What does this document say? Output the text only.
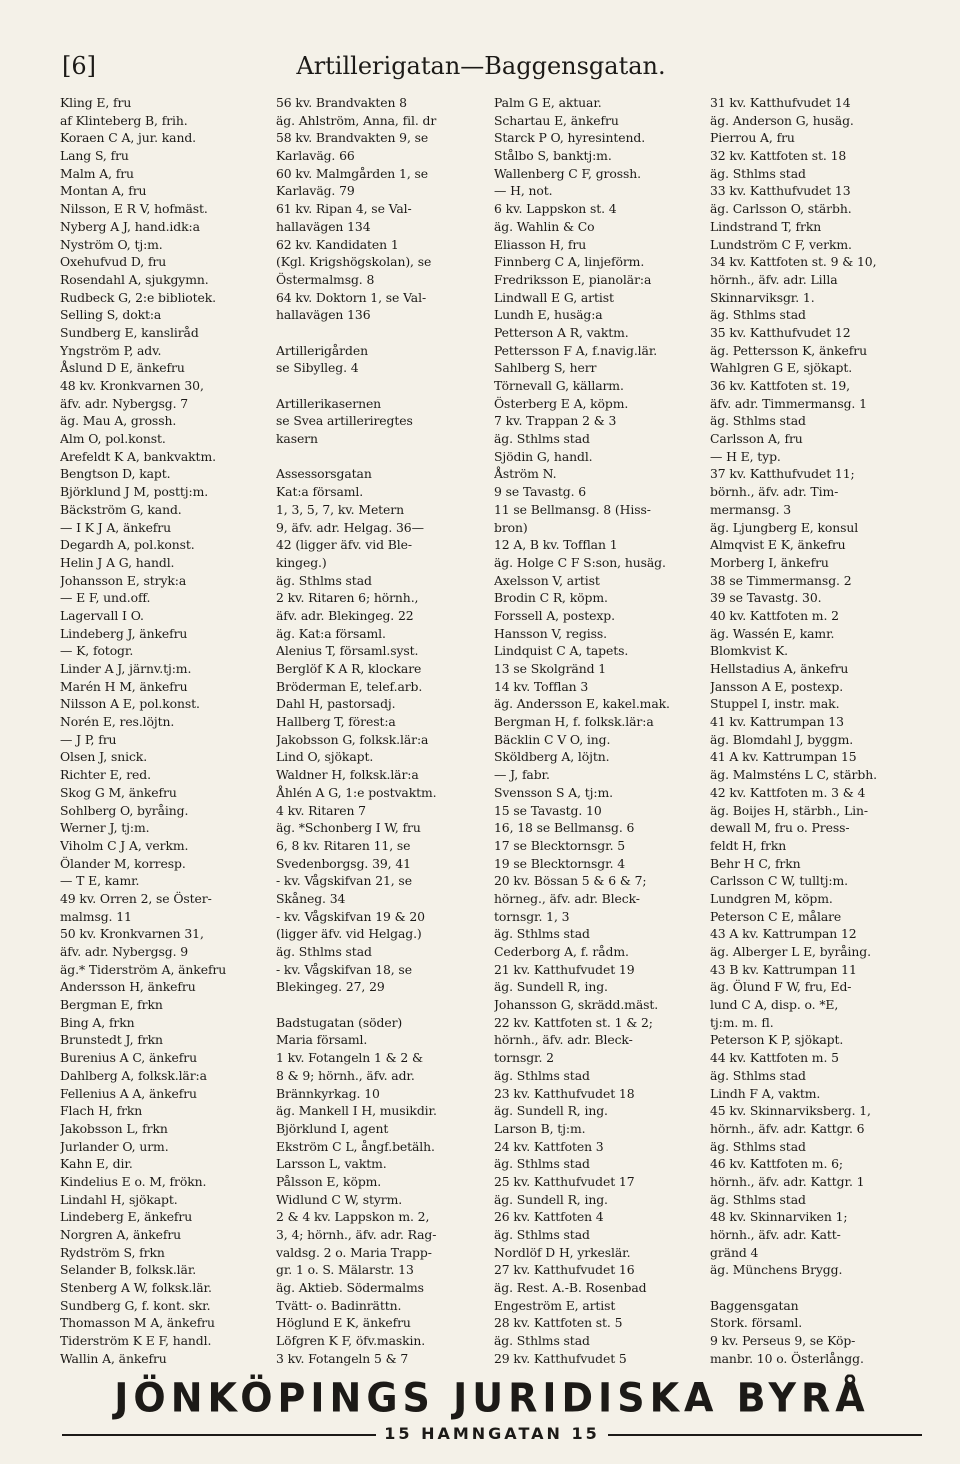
[6]	Artillerigatan—Baggensgatan.
Kling E, fru
af Klinteberg B, frih.
Koraen C A, jur. kand.
Lang S, fru
Malm A, fru
Montan A, fru
Nilsson, E R V, hofmäst.
Nyberg A J, hand.idk:a
Nyström O, tj:m.
Oxehufvud D, fru
Rosendahl A, sjukgymn.
Rudbeck G, 2:e bibliotek.
Selling S, dokt:a
Sundberg E, kansliråd
Yngström P, adv.
Åslund D E, änkefru
48 kv. Kronkvarnen 30,
äfv. adr. Nybergsg. 7
äg. Mau A, grossh.
Alm O, pol.konst.
Arefeldt K A, bankvaktm.
Bengtson D, kapt.
Björklund J M, posttj:m.
Bäckström G, kand.
— I K J A, änkefru
Degardh A, pol.konst.
Helin J A G, handl.
Johansson E, stryk:a
— E F, und.off.
Lagervall I O.
Lindeberg J, änkefru
— K, fotogr.
Linder A J, järnv.tj:m.
Marén H M, änkefru
Nilsson A E, pol.konst.
Norén E, res.löjtn.
— J P, fru
Olsen J, snick.
Richter E, red.
Skog G M, änkefru
Sohlberg O, byråing.
Werner J, tj:m.
Viholm C J A, verkm.
Ölander M, korresp.
— T E, kamr.
49 kv. Orren 2, se Öster-
malmsg. 11
50 kv. Kronkvarnen 31,
äfv. adr. Nybergsg. 9
äg.* Tiderström A, änkefru
Andersson H, änkefru
Bergman E, frkn
Bing A, frkn
Brunstedt J, frkn
Burenius A C, änkefru
Dahlberg A, folksk.lär:a
Fellenius A A, änkefru
Flach H, frkn
Jakobsson L, frkn
Jurlander O, urm.
Kahn E, dir.
Kindelius E o. M, frökn.
Lindahl H, sjökapt.
Lindeberg E, änkefru
Norgren A, änkefru
Rydström S, frkn
Selander B, folksk.lär.
Stenberg A W, folksk.lär.
Sundberg G, f. kont. skr.
Thomasson M A, änkefru
Tiderström K E F, handl.
Wallin A, änkefru
56 kv. Brandvakten 8
äg. Ahlström, Anna, fil. dr
58 kv. Brandvakten 9, se
Karlaväg. 66
60 kv. Malmgården 1, se
Karlaväg. 79
61 kv. Ripan 4, se Val-
hallavägen 134
62 kv. Kandidaten 1
(Kgl. Krigshögskolan), se
Östermalmsg. 8
64 kv. Doktorn 1, se Val-
hallavägen 136
Artillerigården
se Sibylleg. 4
Artillerikasernen
se Svea artilleriregtes
kasern
Assessorsgatan
Kat:a församl.
1, 3, 5, 7, kv. Metern
9, äfv. adr. Helgag. 36—
42 (ligger äfv. vid Ble-
kingeg.)
äg. Sthlms stad
2 kv. Ritaren 6; hörnh.,
äfv. adr. Blekingeg. 22
äg. Kat:a församl.
Alenius T, församl.syst.
Berglöf K A R, klockare
Bröderman E, telef.arb.
Dahl H, pastorsadj.
Hallberg T, förest:a
Jakobsson G, folksk.lär:a
Lind O, sjökapt.
Waldner H, folksk.lär:a
Åhlén A G, 1:e postvaktm.
4 kv. Ritaren 7
äg. *Schonberg I W, fru
6, 8 kv. Ritaren 11, se
Svedenborgsg. 39, 41
- kv. Vågskifvan 21, se
Skåneg. 34
- kv. Vågskifvan 19 & 20
(ligger äfv. vid Helgag.)
äg. Sthlms stad
- kv. Vågskifvan 18, se
Blekingeg. 27, 29
Badstugatan (söder)
Maria församl.
1 kv. Fotangeln 1 & 2 &
8 & 9; hörnh., äfv. adr.
Brännkyrkag. 10
äg. Mankell I H, musikdir.
Björklund I, agent
Ekström C L, ångf.betälh.
Larsson L, vaktm.
Pålsson E, köpm.
Widlund C W, styrm.
2 & 4 kv. Lappskon m. 2,
3, 4; hörnh., äfv. adr. Rag-
valdsg. 2 o. Maria Trapp-
gr. 1 o. S. Mälarstr. 13
äg. Aktieb. Södermalms
Tvätt- o. Badinrättn.
Höglund E K, änkefru
Löfgren K F, öfv.maskin.
3 kv. Fotangeln 5 & 7
Palm G E, aktuar.
Schartau E, änkefru
Starck P O, hyresintend.
Stålbo S, banktj:m.
Wallenberg C F, grossh.
— H, not.
6 kv. Lappskon st. 4
äg. Wahlin & Co
Eliasson H, fru
Finnberg C A, linjeförm.
Fredriksson E, pianolär:a
Lindwall E G, artist
Lundh E, husäg:a
Petterson A R, vaktm.
Pettersson F A, f.navig.lär.
Sahlberg S, herr
Törnevall G, källarm.
Österberg E A, köpm.
7 kv. Trappan 2 & 3
äg. Sthlms stad
Sjödin G, handl.
Åström N.
9 se Tavastg. 6
11 se Bellmansg. 8 (Hiss-
bron)
12 A, B kv. Tofflan 1
äg. Holge C F S:son, husäg.
Axelsson V, artist
Brodin C R, köpm.
Forssell A, postexp.
Hansson V, regiss.
Lindquist C A, tapets.
13 se Skolgränd 1
14 kv. Tofflan 3
äg. Andersson E, kakel.mak.
Bergman H, f. folksk.lär:a
Bäcklin C V O, ing.
Sköldberg A, löjtn.
— J, fabr.
Svensson S A, tj:m.
15 se Tavastg. 10
16, 18 se Bellmansg. 6
17 se Blecktornsgr. 5
19 se Blecktornsgr. 4
20 kv. Bössan 5 & 6 & 7;
hörneg., äfv. adr. Bleck-
tornsgr. 1, 3
äg. Sthlms stad
Cederborg A, f. rådm.
21 kv. Katthufvudet 19
äg. Sundell R, ing.
Johansson G, skrädd.mäst.
22 kv. Kattfoten st. 1 & 2;
hörnh., äfv. adr. Bleck-
tornsgr. 2
äg. Sthlms stad
23 kv. Katthufvudet 18
äg. Sundell R, ing.
Larson B, tj:m.
24 kv. Kattfoten 3
äg. Sthlms stad
25 kv. Katthufvudet 17
äg. Sundell R, ing.
26 kv. Kattfoten 4
äg. Sthlms stad
Nordlöf D H, yrkeslär.
27 kv. Katthufvudet 16
äg. Rest. A.-B. Rosenbad
Engeström E, artist
28 kv. Kattfoten st. 5
äg. Sthlms stad
29 kv. Katthufvudet 5
31 kv. Katthufvudet 14
äg. Anderson G, husäg.
Pierrou A, fru
32 kv. Kattfoten st. 18
äg. Sthlms stad
33 kv. Katthufvudet 13
äg. Carlsson O, stärbh.
Lindstrand T, frkn
Lundström C F, verkm.
34 kv. Kattfoten st. 9 & 10,
hörnh., äfv. adr. Lilla
Skinnarviksgr. 1.
äg. Sthlms stad
35 kv. Katthufvudet 12
äg. Pettersson K, änkefru
Wahlgren G E, sjökapt.
36 kv. Kattfoten st. 19,
äfv. adr. Timmermansg. 1
äg. Sthlms stad
Carlsson A, fru
— H E, typ.
37 kv. Katthufvudet 11;
börnh., äfv. adr. Tim-
mermansg. 3
äg. Ljungberg E, konsul
Almqvist E K, änkefru
Morberg I, änkefru
38 se Timmermansg. 2
39 se Tavastg. 30.
40 kv. Kattfoten m. 2
äg. Wassén E, kamr.
Blomkvist K.
Hellstadius A, änkefru
Jansson A E, postexp.
Stuppel I, instr. mak.
41 kv. Kattrumpan 13
äg. Blomdahl J, byggm.
41 A kv. Kattrumpan 15
äg. Malmsténs L C, stärbh.
42 kv. Kattfoten m. 3 & 4
äg. Boijes H, stärbh., Lin-
dewall M, fru o. Press-
feldt H, frkn
Behr H C, frkn
Carlsson C W, tulltj:m.
Lundgren M, köpm.
Peterson C E, målare
43 A kv. Kattrumpan 12
äg. Alberger L E, byråing.
43 B kv. Kattrumpan 11
äg. Ölund F W, fru, Ed-
lund C A, disp. o. *E,
tj:m. m. fl.
Peterson K P, sjökapt.
44 kv. Kattfoten m. 5
äg. Sthlms stad
Lindh F A, vaktm.
45 kv. Skinnarviksberg. 1,
hörnh., äfv. adr. Kattgr. 6
äg. Sthlms stad
46 kv. Kattfoten m. 6;
hörnh., äfv. adr. Kattgr. 1
äg. Sthlms stad
48 kv. Skinnarviken 1;
hörnh., äfv. adr. Katt-
gränd 4
äg. Münchens Brygg.
Baggensgatan
Stork. församl.
9 kv. Perseus 9, se Köp-
manbr. 10 o. Österlångg.
JÖNKÖPINGS JURIDISKA BYRÅ
15 HAMNGATAN 15
